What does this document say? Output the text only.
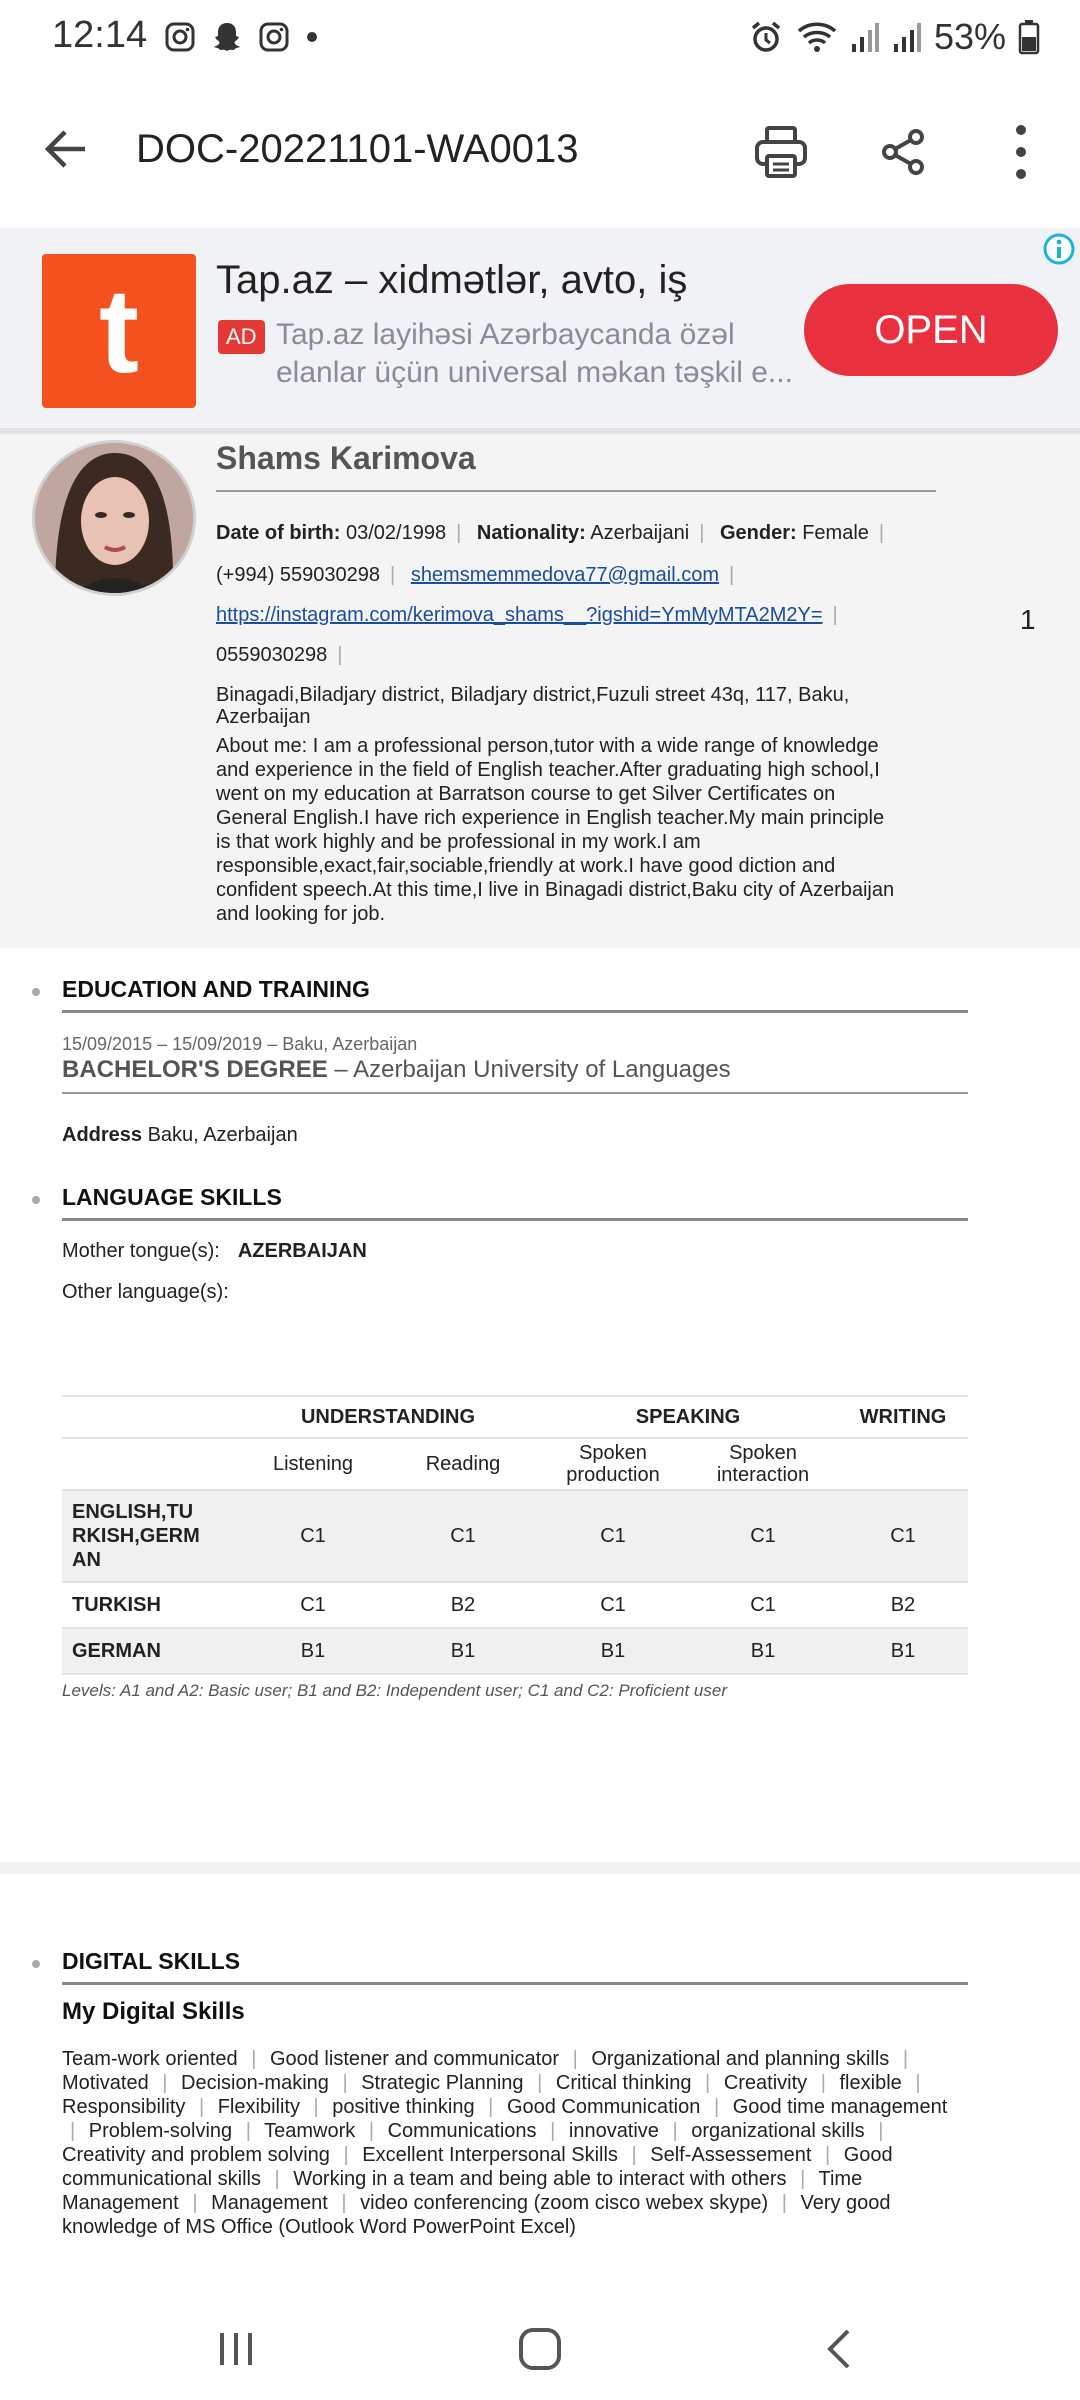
12:14	53%
DOC-20221101-WA0013
t	Tap.az – xidmətlər, avto, iş
AD Tap.az layihəsi Azərbaycanda özəl elanlar üçün universal məkan təşkil e...
OPEN
Shams Karimova
Date of birth: 03/02/1998 | Nationality: Azerbaijani | Gender: Female |
(+994) 559030298 | shemsmemmedova77@gmail.com |
https://instagram.com/kerimova_shams__?igshid=YmMyMTA2M2Y= |
0559030298 |
Binagadi,Biladjary district, Biladjary district,Fuzuli street 43q, 117, Baku, Azerbaijan
About me: I am a professional person,tutor with a wide range of knowledge and experience in the field of English teacher.After graduating high school,I went on my education at Barratson course to get Silver Certificates on General English.I have rich experience in English teacher.My main principle is that work highly and be professional in my work.I am responsible,exact,fair,sociable,friendly at work.I have good diction and confident speech.At this time,I live in Binagadi district,Baku city of Azerbaijan and looking for job.
1
EDUCATION AND TRAINING
15/09/2015 – 15/09/2019 – Baku, Azerbaijan
BACHELOR'S DEGREE – Azerbaijan University of Languages
Address Baku, Azerbaijan
LANGUAGE SKILLS
Mother tongue(s): AZERBAIJAN
Other language(s):
	UNDERSTANDING		SPEAKING		WRITING
	Listening	Reading	Spoken production	Spoken interaction	

ENGLISH,TURKISH,GERMAN	C1	C1	C1	C1	C1
TURKISH	C1	B2	C1	C1	B2
GERMAN	B1	B1	B1	B1	B1
Levels: A1 and A2: Basic user; B1 and B2: Independent user; C1 and C2: Proficient user
DIGITAL SKILLS
My Digital Skills
Team-work oriented | Good listener and communicator | Organizational and planning skills | Motivated | Decision-making | Strategic Planning | Critical thinking | Creativity | flexible | Responsibility | Flexibility | positive thinking | Good Communication | Good time management | Problem-solving | Teamwork | Communications | innovative | organizational skills | Creativity and problem solving | Excellent Interpersonal Skills | Self-Assessement | Good communicational skills | Working in a team and being able to interact with others | Time Management | Management | video conferencing (zoom cisco webex skype) | Very good knowledge of MS Office (Outlook Word PowerPoint Excel)
